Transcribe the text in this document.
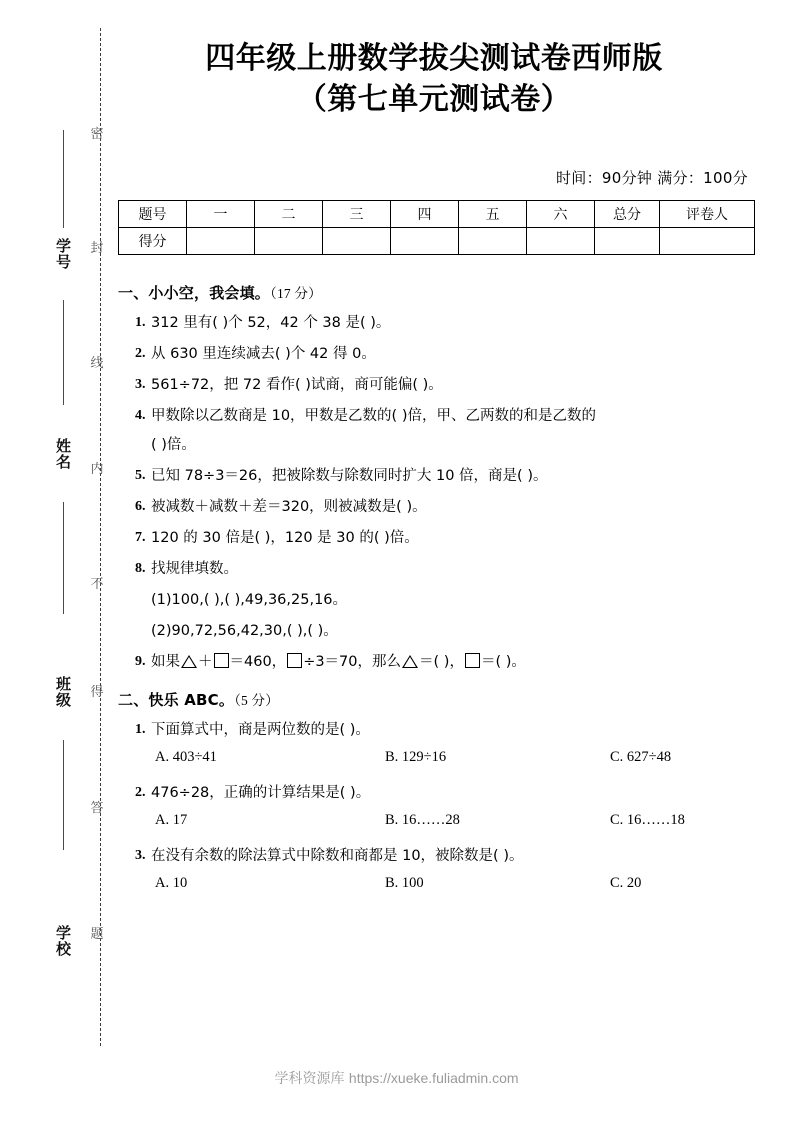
密
封
线
内
不
得
答
题
学号
姓名
班级
学校
四年级上册数学拔尖测试卷西师版
（第七单元测试卷）
时间：90分钟 满分：100分
题号	一	二	三	四	五	六	总分	评卷人
得分								
一、小小空，我会填。（17 分）
1. 312 里有( )个 52，42 个 38 是( )。
2. 从 630 里连续减去( )个 42 得 0。
3. 561÷72，把 72 看作( )试商，商可能偏( )。
4. 甲数除以乙数商是 10，甲数是乙数的( )倍，甲、乙两数的和是乙数的
( )倍。
5. 已知 78÷3＝26，把被除数与除数同时扩大 10 倍，商是( )。
6. 被减数＋减数＋差＝320，则被减数是( )。
7. 120 的 30 倍是( )，120 是 30 的( )倍。
8. 找规律填数。
(1)100,( ),( ),49,36,25,16。
(2)90,72,56,42,30,( ),( )。
9. 如果 ＋ ＝460， ÷3＝70，那么 ＝( )， ＝( )。
二、快乐 ABC。（5 分）
1. 下面算式中，商是两位数的是( )。
A. 403÷41	B. 129÷16	C. 627÷48
2. 476÷28，正确的计算结果是( )。
A. 17	B. 16……28	C. 16……18
3. 在没有余数的除法算式中除数和商都是 10，被除数是( )。
A. 10	B. 100	C. 20
学科资源库 https://xueke.fuliadmin.com
